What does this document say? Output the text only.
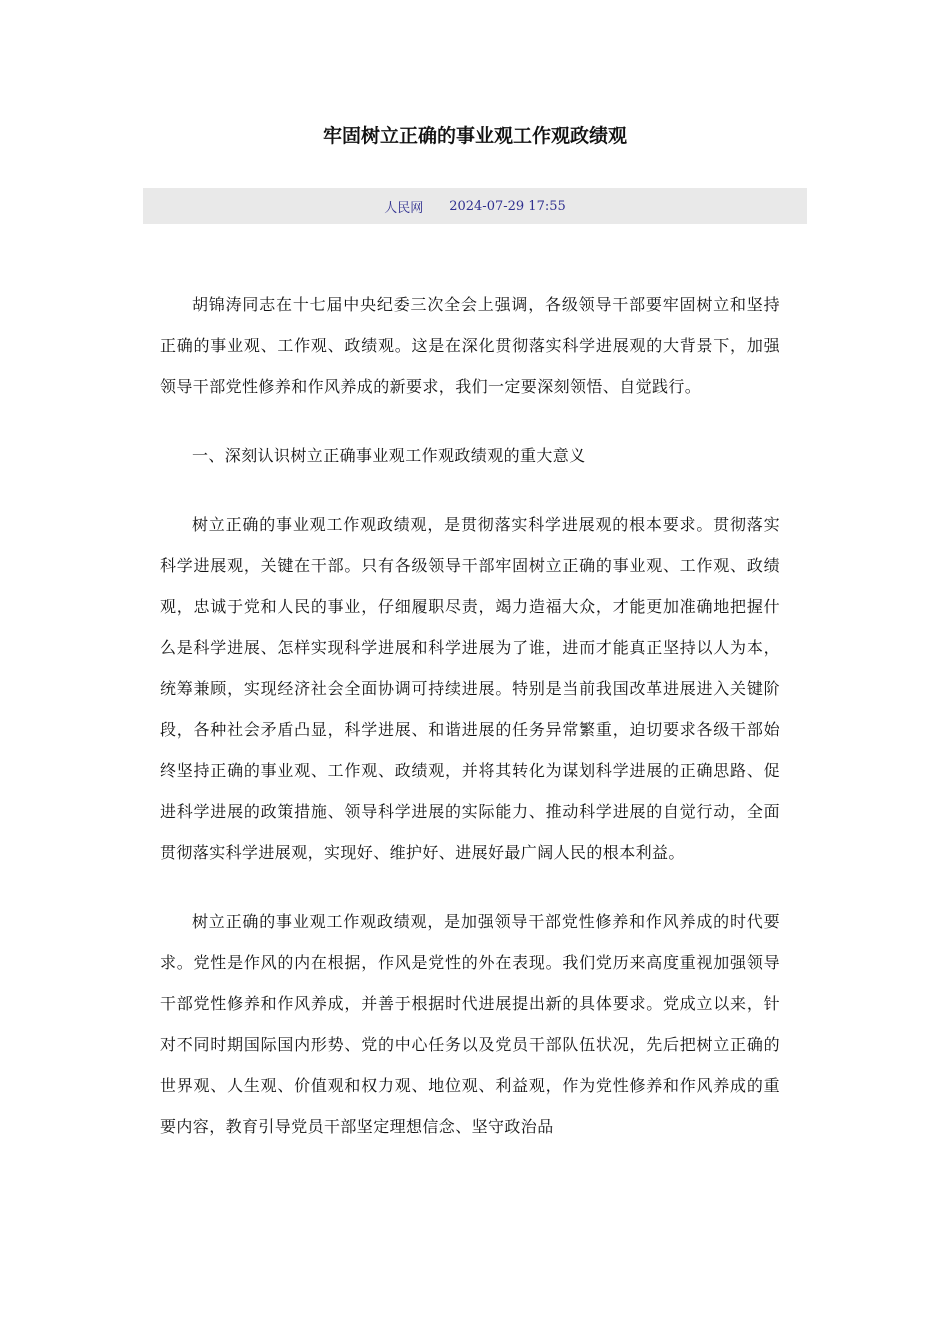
牢固树立正确的事业观工作观政绩观
人民网 2024-07-29 17:55

胡锦涛同志在十七届中央纪委三次全会上强调，各级领导干部要牢固树立和坚持正确的事业观、工作观、政绩观。这是在深化贯彻落实科学进展观的大背景下，加强领导干部党性修养和作风养成的新要求，我们一定要深刻领悟、自觉践行。

一、深刻认识树立正确事业观工作观政绩观的重大意义

树立正确的事业观工作观政绩观，是贯彻落实科学进展观的根本要求。贯彻落实科学进展观，关键在干部。只有各级领导干部牢固树立正确的事业观、工作观、政绩观，忠诚于党和人民的事业，仔细履职尽责，竭力造福大众，才能更加准确地把握什么是科学进展、怎样实现科学进展和科学进展为了谁，进而才能真正坚持以人为本，统筹兼顾，实现经济社会全面协调可持续进展。特别是当前我国改革进展进入关键阶段，各种社会矛盾凸显，科学进展、和谐进展的任务异常繁重，迫切要求各级干部始终坚持正确的事业观、工作观、政绩观，并将其转化为谋划科学进展的正确思路、促进科学进展的政策措施、领导科学进展的实际能力、推动科学进展的自觉行动，全面贯彻落实科学进展观，实现好、维护好、进展好最广阔人民的根本利益。

树立正确的事业观工作观政绩观，是加强领导干部党性修养和作风养成的时代要求。党性是作风的内在根据，作风是党性的外在表现。我们党历来高度重视加强领导干部党性修养和作风养成，并善于根据时代进展提出新的具体要求。党成立以来，针对不同时期国际国内形势、党的中心任务以及党员干部队伍状况，先后把树立正确的世界观、人生观、价值观和权力观、地位观、利益观，作为党性修养和作风养成的重要内容，教育引导党员干部坚定理想信念、坚守政治品
